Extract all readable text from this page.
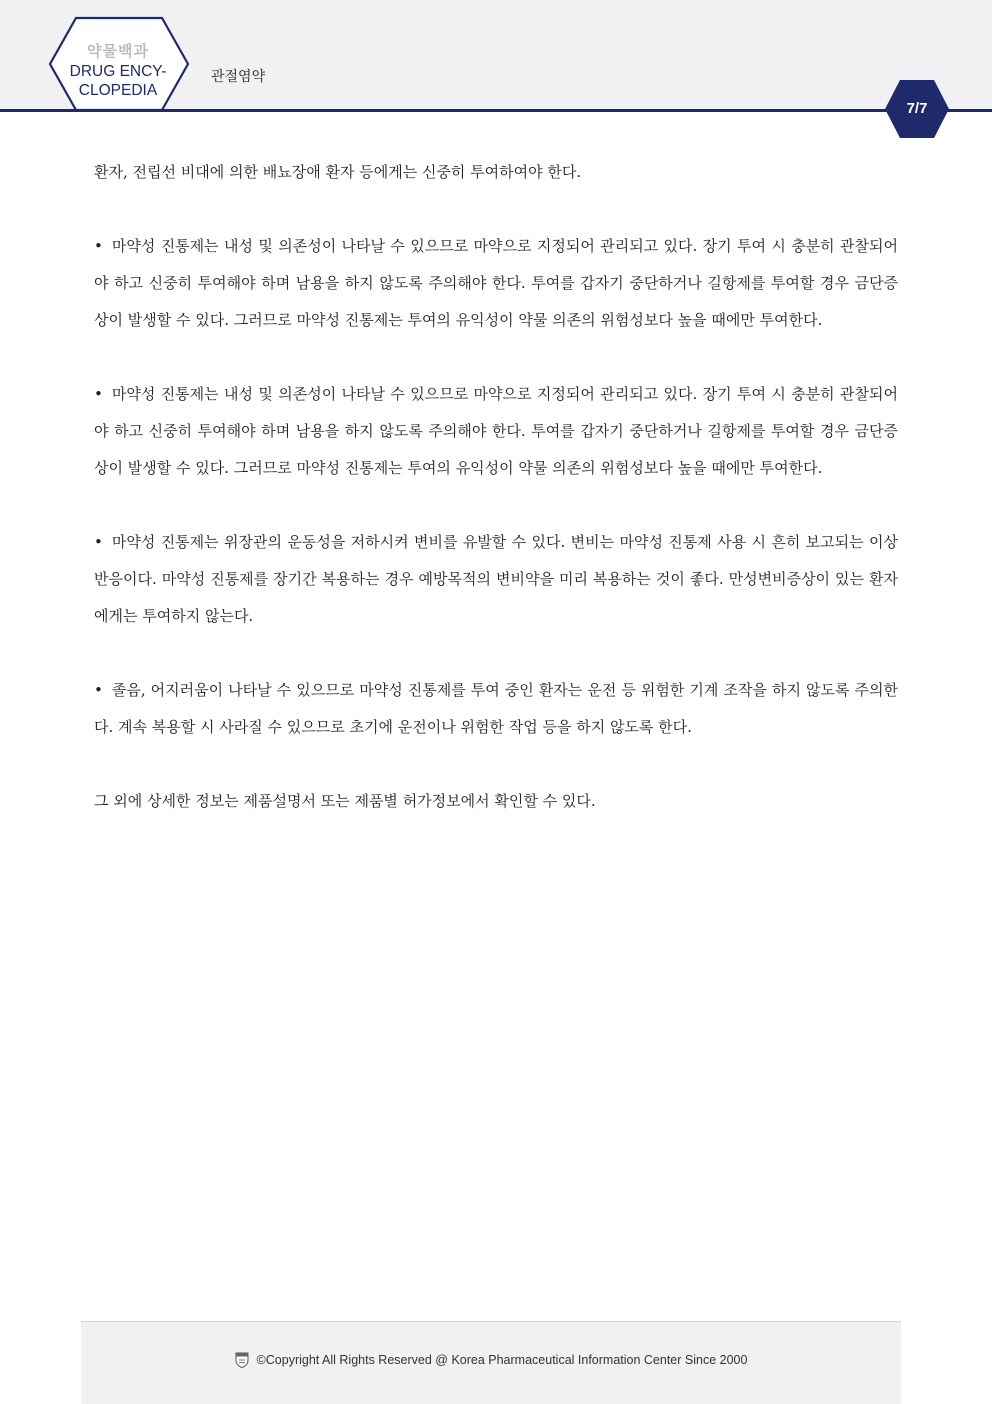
약물백과
DRUG ENCY-
CLOPEDIA
관절염약
7/7

환자, 전립선 비대에 의한 배뇨장애 환자 등에게는 신중히 투여하여야 한다.

• 마약성 진통제는 내성 및 의존성이 나타날 수 있으므로 마약으로 지정되어 관리되고 있다. 장기 투여 시 충분히 관찰되어야 하고 신중히 투여해야 하며 남용을 하지 않도록 주의해야 한다. 투여를 갑자기 중단하거나 길항제를 투여할 경우 금단증상이 발생할 수 있다. 그러므로 마약성 진통제는 투여의 유익성이 약물 의존의 위험성보다 높을 때에만 투여한다.

• 마약성 진통제는 내성 및 의존성이 나타날 수 있으므로 마약으로 지정되어 관리되고 있다. 장기 투여 시 충분히 관찰되어야 하고 신중히 투여해야 하며 남용을 하지 않도록 주의해야 한다. 투여를 갑자기 중단하거나 길항제를 투여할 경우 금단증상이 발생할 수 있다. 그러므로 마약성 진통제는 투여의 유익성이 약물 의존의 위험성보다 높을 때에만 투여한다.

• 마약성 진통제는 위장관의 운동성을 저하시켜 변비를 유발할 수 있다. 변비는 마약성 진통제 사용 시 흔히 보고되는 이상반응이다. 마약성 진통제를 장기간 복용하는 경우 예방목적의 변비약을 미리 복용하는 것이 좋다. 만성변비증상이 있는 환자에게는 투여하지 않는다.

• 졸음, 어지러움이 나타날 수 있으므로 마약성 진통제를 투여 중인 환자는 운전 등 위험한 기계 조작을 하지 않도록 주의한다. 계속 복용할 시 사라질 수 있으므로 초기에 운전이나 위험한 작업 등을 하지 않도록 한다.

그 외에 상세한 정보는 제품설명서 또는 제품별 허가정보에서 확인할 수 있다.

©Copyright All Rights Reserved @ Korea Pharmaceutical Information Center Since 2000
